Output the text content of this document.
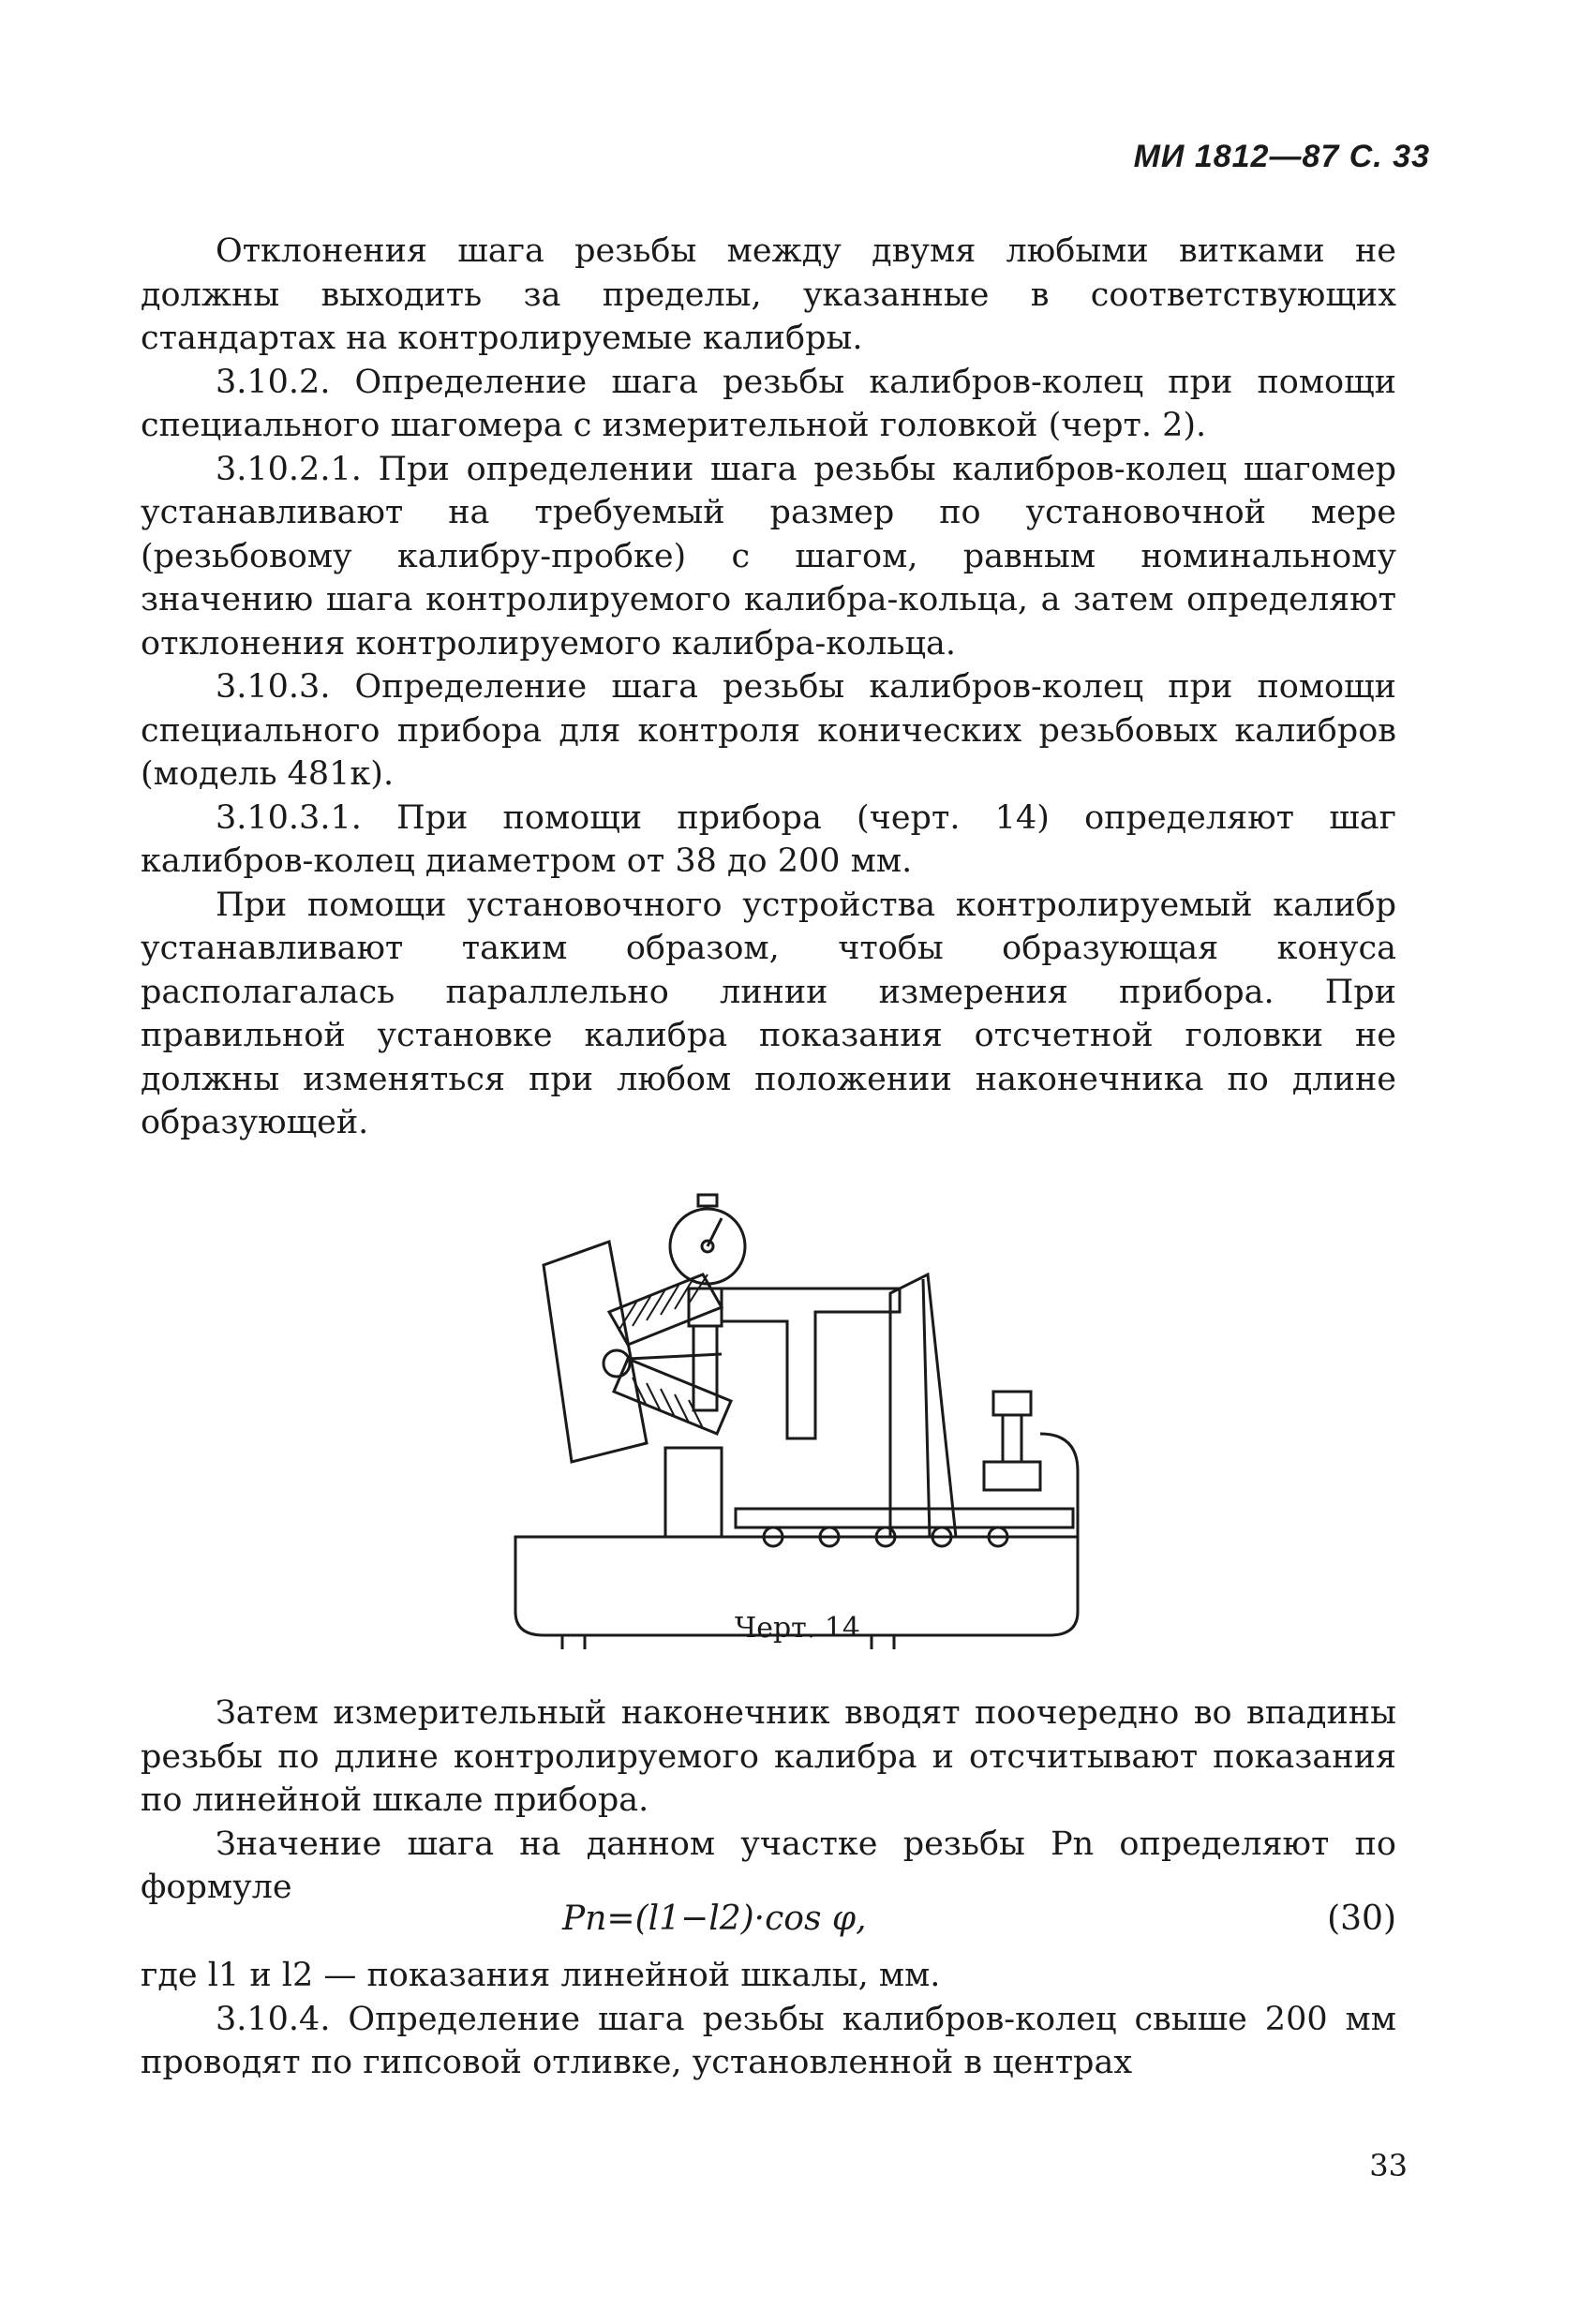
МИ 1812—87 С. 33

Отклонения шага резьбы между двумя любыми витками не должны выходить за пределы, указанные в соответствующих стандартах на контролируемые калибры.

3.10.2. Определение шага резьбы калибров-колец при помощи специального шагомера с измерительной головкой (черт. 2).

3.10.2.1. При определении шага резьбы калибров-колец шагомер устанавливают на требуемый размер по установочной мере (резьбовому калибру-пробке) с шагом, равным номинальному значению шага контролируемого калибра-кольца, а затем определяют отклонения контролируемого калибра-кольца.

3.10.3. Определение шага резьбы калибров-колец при помощи специального прибора для контроля конических резьбовых калибров (модель 481к).

3.10.3.1. При помощи прибора (черт. 14) определяют шаг калибров-колец диаметром от 38 до 200 мм.

При помощи установочного устройства контролируемый калибр устанавливают таким образом, чтобы образующая конуса располагалась параллельно линии измерения прибора. При правильной установке калибра показания отсчетной головки не должны изменяться при любом положении наконечника по длине образующей.

Черт. 14

Затем измерительный наконечник вводят поочередно во впадины резьбы по длине контролируемого калибра и отсчитывают показания по линейной шкале прибора.

Значение шага на данном участке резьбы Pn определяют по формуле

Pn=(l1−l2)·cos φ,	(30)

где l1 и l2 — показания линейной шкалы, мм.

3.10.4. Определение шага резьбы калибров-колец свыше 200 мм проводят по гипсовой отливке, установленной в центрах

33
